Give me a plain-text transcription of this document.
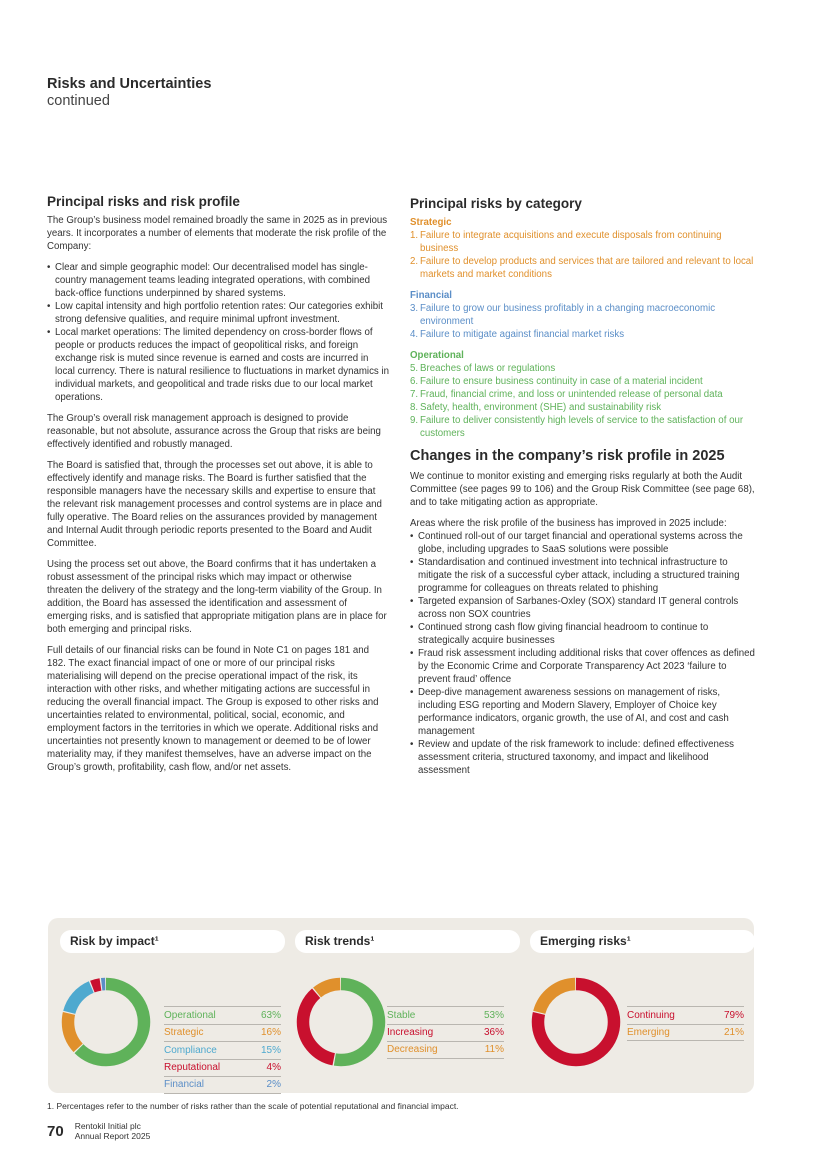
Risks and Uncertainties
continued
Principal risks and risk profile

The Group’s business model remained broadly the same in 2025 as in previous years. It incorporates a number of elements that moderate the risk profile of the Company:

• Clear and simple geographic model: Our decentralised model has single-country management teams leading integrated operations, with combined back-office functions underpinned by shared systems.
• Low capital intensity and high portfolio retention rates: Our categories exhibit strong defensive qualities, and require minimal upfront investment.
• Local market operations: The limited dependency on cross-border flows of people or products reduces the impact of geopolitical risks, and foreign exchange risk is muted since revenue is earned and costs are incurred in local currency. There is natural resilience to fluctuations in market dynamics in individual markets, and geopolitical and trade risks due to our local market operations.

The Group’s overall risk management approach is designed to provide reasonable, but not absolute, assurance across the Group that risks are being effectively identified and robustly managed.

The Board is satisfied that, through the processes set out above, it is able to effectively identify and manage risks. The Board is further satisfied that the responsible managers have the necessary skills and expertise to ensure that the relevant risk management processes and control systems are in place and fully operative. The Board relies on the assurances provided by management and Internal Audit through periodic reports presented to the Board and Audit Committee.

Using the process set out above, the Board confirms that it has undertaken a robust assessment of the principal risks which may impact or otherwise threaten the delivery of the strategy and the long-term viability of the Group. In addition, the Board has assessed the identification and assessment of emerging risks, and is satisfied that appropriate mitigation plans are in place for both emerging and principal risks.

Full details of our financial risks can be found in Note C1 on pages 181 and 182. The exact financial impact of one or more of our principal risks materialising will depend on the precise operational impact of the risk, its interaction with other risks, and whether mitigating actions are successful in reducing the overall financial impact. The Group is exposed to other risks and uncertainties related to environmental, political, social, economic, and employment factors in the territories in which we operate. Additional risks and uncertainties not presently known to management or deemed to be of lower materiality may, if they manifest themselves, have an adverse impact on the Group’s growth, profitability, cash flow, and/or net assets.

Principal risks by category
Strategic
1. Failure to integrate acquisitions and execute disposals from continuing business
2. Failure to develop products and services that are tailored and relevant to local markets and market conditions
Financial
3. Failure to grow our business profitably in a changing macroeconomic environment
4. Failure to mitigate against financial market risks
Operational
5. Breaches of laws or regulations
6. Failure to ensure business continuity in case of a material incident
7. Fraud, financial crime, and loss or unintended release of personal data
8. Safety, health, environment (SHE) and sustainability risk
9. Failure to deliver consistently high levels of service to the satisfaction of our customers
Changes in the company’s risk profile in 2025

We continue to monitor existing and emerging risks regularly at both the Audit Committee (see pages 99 to 106) and the Group Risk Committee (see page 68), and to take mitigating action as appropriate.

Areas where the risk profile of the business has improved in 2025 include:

• Continued roll-out of our target financial and operational systems across the globe, including upgrades to SaaS solutions were possible
• Standardisation and continued investment into technical infrastructure to mitigate the risk of a successful cyber attack, including a structured training programme for colleagues on threats related to phishing
• Targeted expansion of Sarbanes-Oxley (SOX) standard IT general controls across non SOX countries
• Continued strong cash flow giving financial headroom to continue to strategically acquire businesses
• Fraud risk assessment including additional risks that cover offences as defined by the Economic Crime and Corporate Transparency Act 2023 ‘failure to prevent fraud’ offence
• Deep-dive management awareness sessions on management of risks, including ESG reporting and Modern Slavery, Employer of Choice key performance indicators, organic growth, the use of AI, and cost and cash management
• Review and update of the risk framework to include: defined effectiveness assessment criteria, structured taxonomy, and impact and likelihood assessment
Risk by impact¹
Operational	63%
Strategic	16%
Compliance	15%
Reputational	4%
Financial	2%
Risk trends¹
Stable	53%
Increasing	36%
Decreasing	11%
Emerging risks¹
Continuing	79%
Emerging	21%
1. Percentages refer to the number of risks rather than the scale of potential reputational and financial impact.
70 Rentokil Initial plc
Annual Report 2025
